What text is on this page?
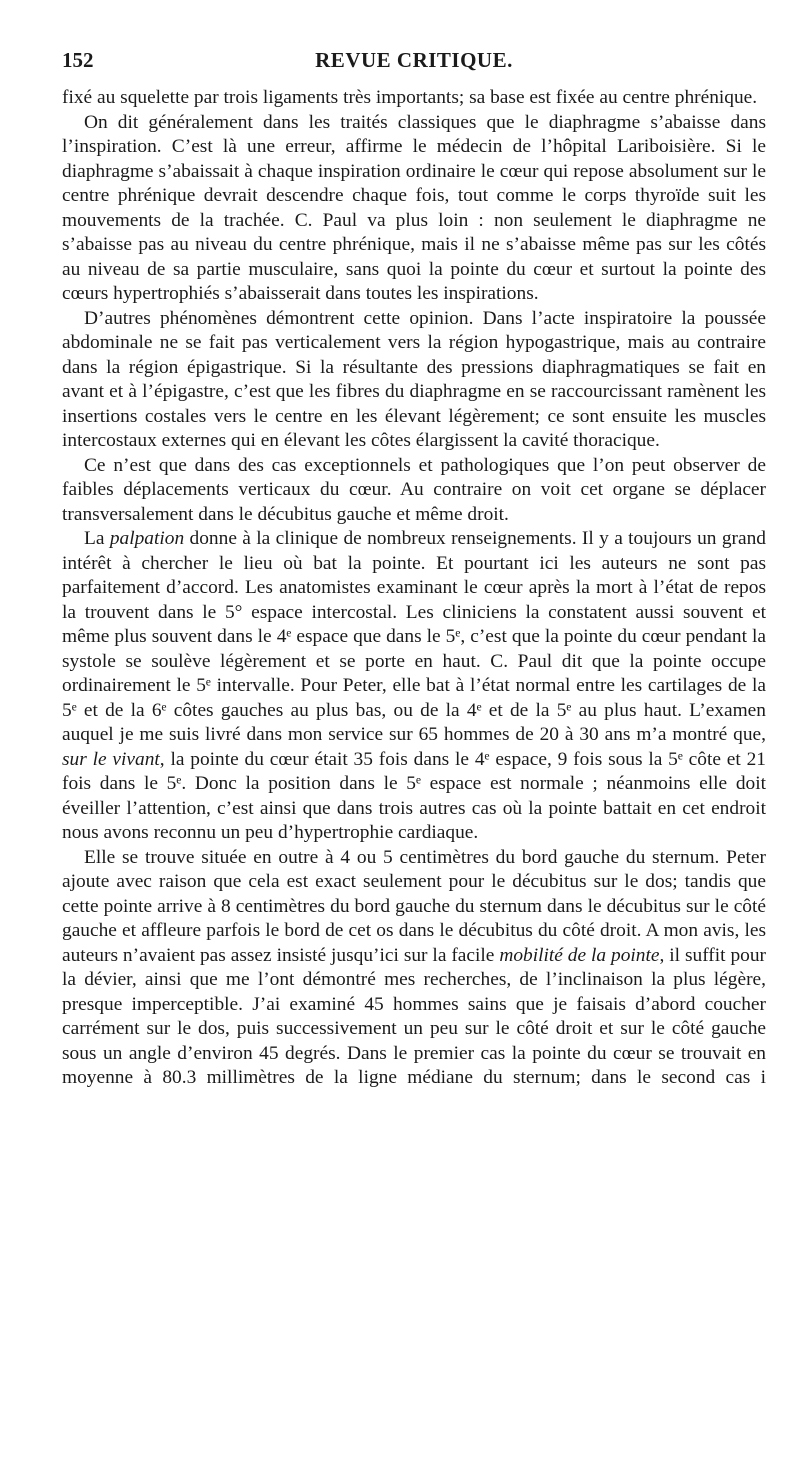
152	REVUE CRITIQUE.

fixé au squelette par trois ligaments très importants; sa base est fixée au centre phrénique.

On dit généralement dans les traités classiques que le diaphragme s’abaisse dans l’inspiration. C’est là une erreur, affirme le médecin de l’hôpital Lariboisière. Si le diaphragme s’abaissait à chaque inspiration ordinaire le cœur qui repose absolument sur le centre phrénique devrait descendre chaque fois, tout comme le corps thyroïde suit les mouvements de la trachée. C. Paul va plus loin : non seulement le diaphragme ne s’abaisse pas au niveau du centre phrénique, mais il ne s’abaisse même pas sur les côtés au niveau de sa partie musculaire, sans quoi la pointe du cœur et surtout la pointe des cœurs hypertrophiés s’abaisserait dans toutes les inspirations.

D’autres phénomènes démontrent cette opinion. Dans l’acte inspiratoire la poussée abdominale ne se fait pas verticalement vers la région hypogastrique, mais au contraire dans la région épigastrique. Si la résultante des pressions diaphragmatiques se fait en avant et à l’épigastre, c’est que les fibres du diaphragme en se raccourcissant ramènent les insertions costales vers le centre en les élevant légèrement; ce sont ensuite les muscles intercostaux externes qui en élevant les côtes élargissent la cavité thoracique.

Ce n’est que dans des cas exceptionnels et pathologiques que l’on peut observer de faibles déplacements verticaux du cœur. Au contraire on voit cet organe se déplacer transversalement dans le décubitus gauche et même droit.

La palpation donne à la clinique de nombreux renseignements. Il y a toujours un grand intérêt à chercher le lieu où bat la pointe. Et pourtant ici les auteurs ne sont pas parfaitement d’accord. Les anatomistes examinant le cœur après la mort à l’état de repos la trouvent dans le 5° espace intercostal. Les cliniciens la constatent aussi souvent et même plus souvent dans le 4ᵉ espace que dans le 5ᵉ, c’est que la pointe du cœur pendant la systole se soulève légèrement et se porte en haut. C. Paul dit que la pointe occupe ordinairement le 5ᵉ intervalle. Pour Peter, elle bat à l’état normal entre les cartilages de la 5ᵉ et de la 6ᵉ côtes gauches au plus bas, ou de la 4ᵉ et de la 5ᵉ au plus haut. L’examen auquel je me suis livré dans mon service sur 65 hommes de 20 à 30 ans m’a montré que, sur le vivant, la pointe du cœur était 35 fois dans le 4ᵉ espace, 9 fois sous la 5ᵉ côte et 21 fois dans le 5ᵉ. Donc la position dans le 5ᵉ espace est normale ; néanmoins elle doit éveiller l’attention, c’est ainsi que dans trois autres cas où la pointe battait en cet endroit nous avons reconnu un peu d’hypertrophie cardiaque.

Elle se trouve située en outre à 4 ou 5 centimètres du bord gauche du sternum. Peter ajoute avec raison que cela est exact seulement pour le décubitus sur le dos; tandis que cette pointe arrive à 8 centimètres du bord gauche du sternum dans le décubitus sur le côté gauche et affleure parfois le bord de cet os dans le décubitus du côté droit. A mon avis, les auteurs n’avaient pas assez insisté jusqu’ici sur la facile mobilité de la pointe, il suffit pour la dévier, ainsi que me l’ont démontré mes recherches, de l’inclinaison la plus légère, presque imperceptible. J’ai examiné 45 hommes sains que je faisais d’abord coucher carrément sur le dos, puis successivement un peu sur le côté droit et sur le côté gauche sous un angle d’environ 45 degrés. Dans le premier cas la pointe du cœur se trouvait en moyenne à 80.3 millimètres de la ligne médiane du sternum; dans le second cas i
